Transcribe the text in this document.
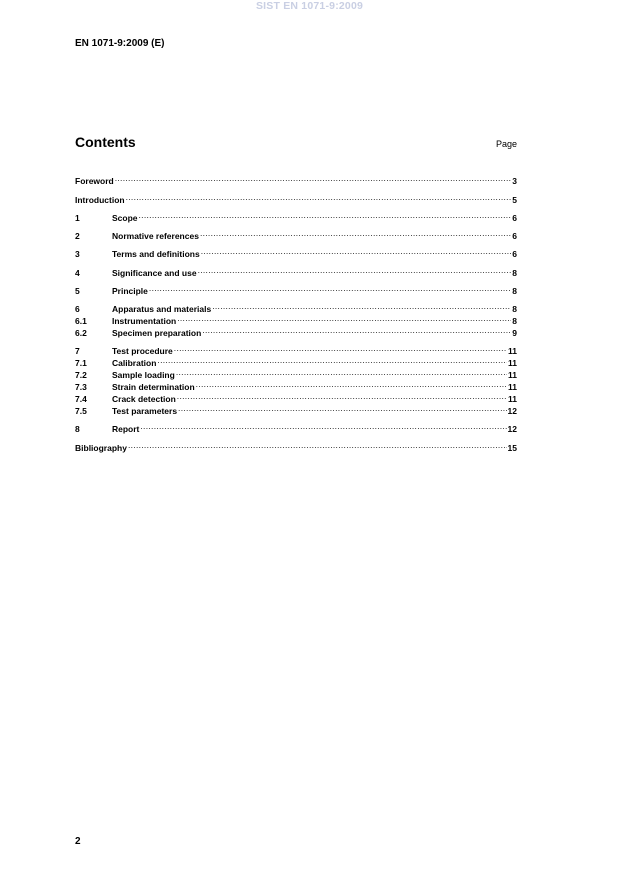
SIST EN 1071-9:2009
EN 1071-9:2009 (E)
Contents	Page
Foreword .....	3
Introduction .....	5
1	Scope .....	6
2	Normative references .....	6
3	Terms and definitions .....	6
4	Significance and use .....	8
5	Principle .....	8
6	Apparatus and materials .....	8
6.1	Instrumentation .....	8
6.2	Specimen preparation .....	9
7	Test procedure .....	11
7.1	Calibration .....	11
7.2	Sample loading .....	11
7.3	Strain determination .....	11
7.4	Crack detection .....	11
7.5	Test parameters .....	12
8	Report .....	12
Bibliography .....	15
2
